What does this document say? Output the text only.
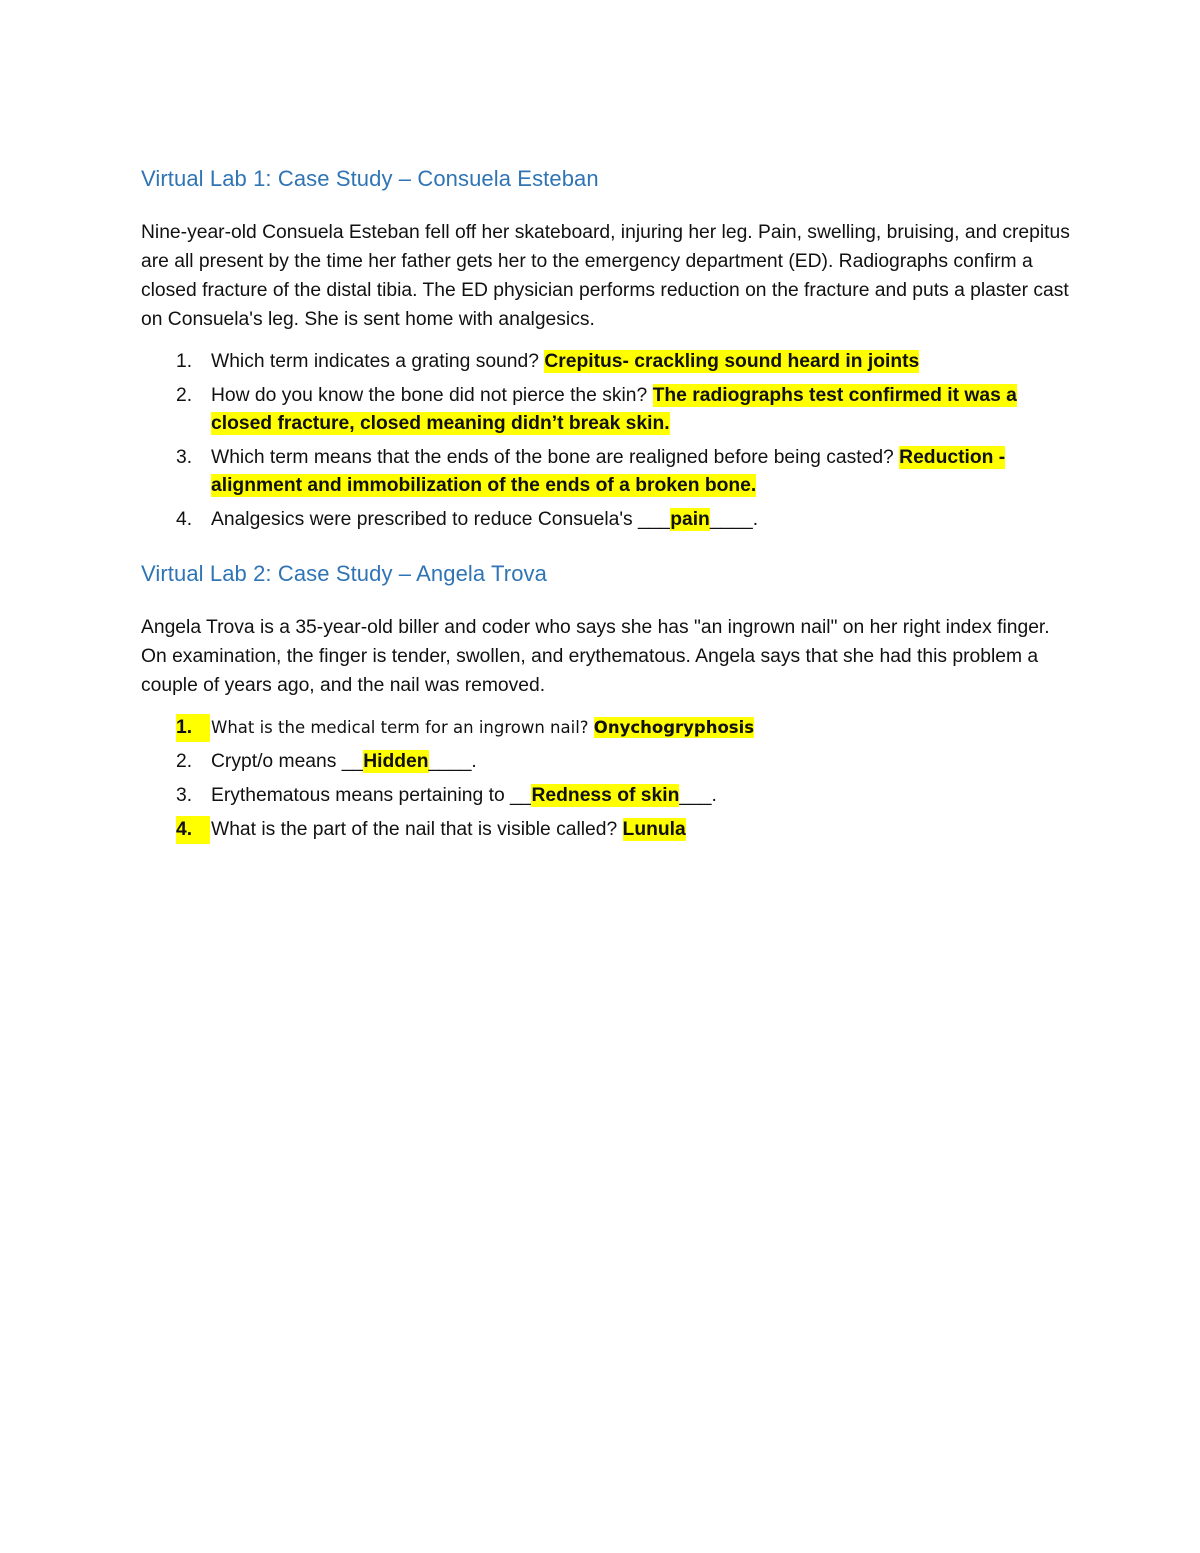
Virtual Lab 1: Case Study – Consuela Esteban

Nine-year-old Consuela Esteban fell off her skateboard, injuring her leg. Pain, swelling, bruising, and crepitus are all present by the time her father gets her to the emergency department (ED). Radiographs confirm a closed fracture of the distal tibia. The ED physician performs reduction on the fracture and puts a plaster cast on Consuela's leg. She is sent home with analgesics.

1. Which term indicates a grating sound? Crepitus- crackling sound heard in joints
2. How do you know the bone did not pierce the skin? The radiographs test confirmed it was a closed fracture, closed meaning didn’t break skin.
3. Which term means that the ends of the bone are realigned before being casted? Reduction - alignment and immobilization of the ends of a broken bone.
4. Analgesics were prescribed to reduce Consuela's ___pain____.
Virtual Lab 2: Case Study – Angela Trova

Angela Trova is a 35-year-old biller and coder who says she has "an ingrown nail" on her right index finger. On examination, the finger is tender, swollen, and erythematous. Angela says that she had this problem a couple of years ago, and the nail was removed.

1.	What is the medical term for an ingrown nail? Onychogryphosis
2. Crypt/o means __Hidden____.
3. Erythematous means pertaining to __Redness of skin___.
4. What is the part of the nail that is visible called? Lunula
